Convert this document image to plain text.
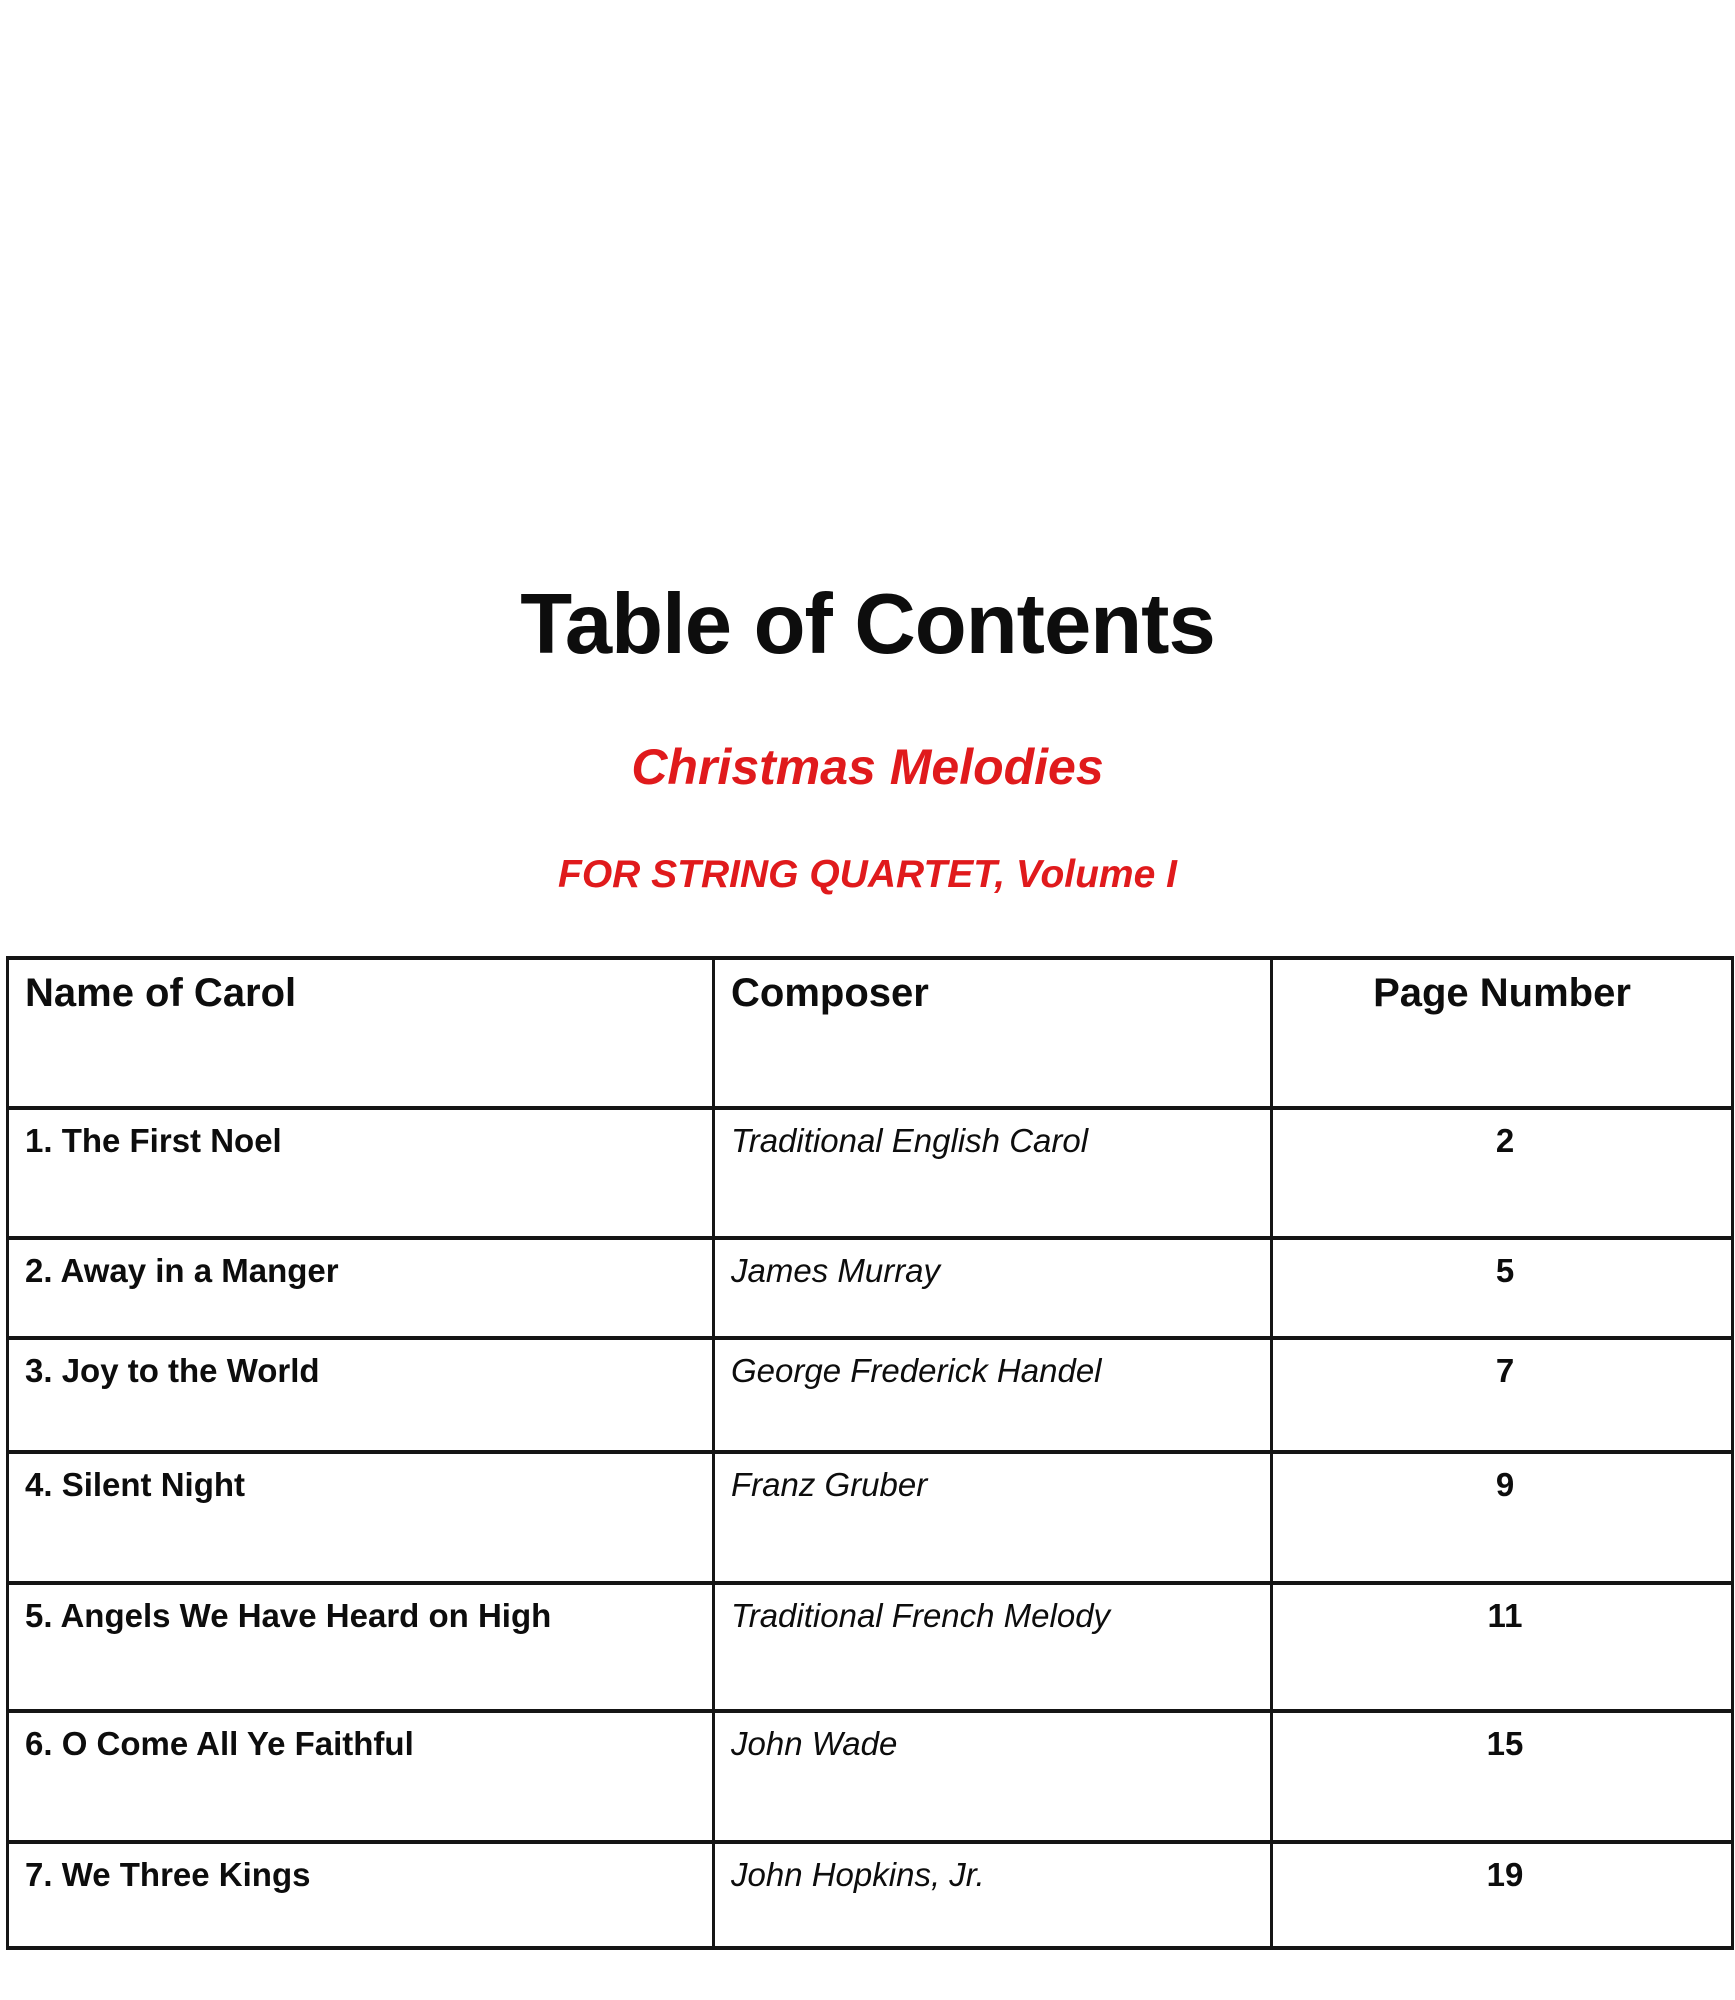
Table of Contents
Christmas Melodies
FOR STRING QUARTET, Volume I
Name of Carol	Composer	Page Number
1. The First Noel	Traditional English Carol	2
2. Away in a Manger	James Murray	5
3. Joy to the World	George Frederick Handel	7
4. Silent Night	Franz Gruber	9
5. Angels We Have Heard on High	Traditional French Melody	11
6. O Come All Ye Faithful	John Wade	15
7. We Three Kings	John Hopkins, Jr.	19
